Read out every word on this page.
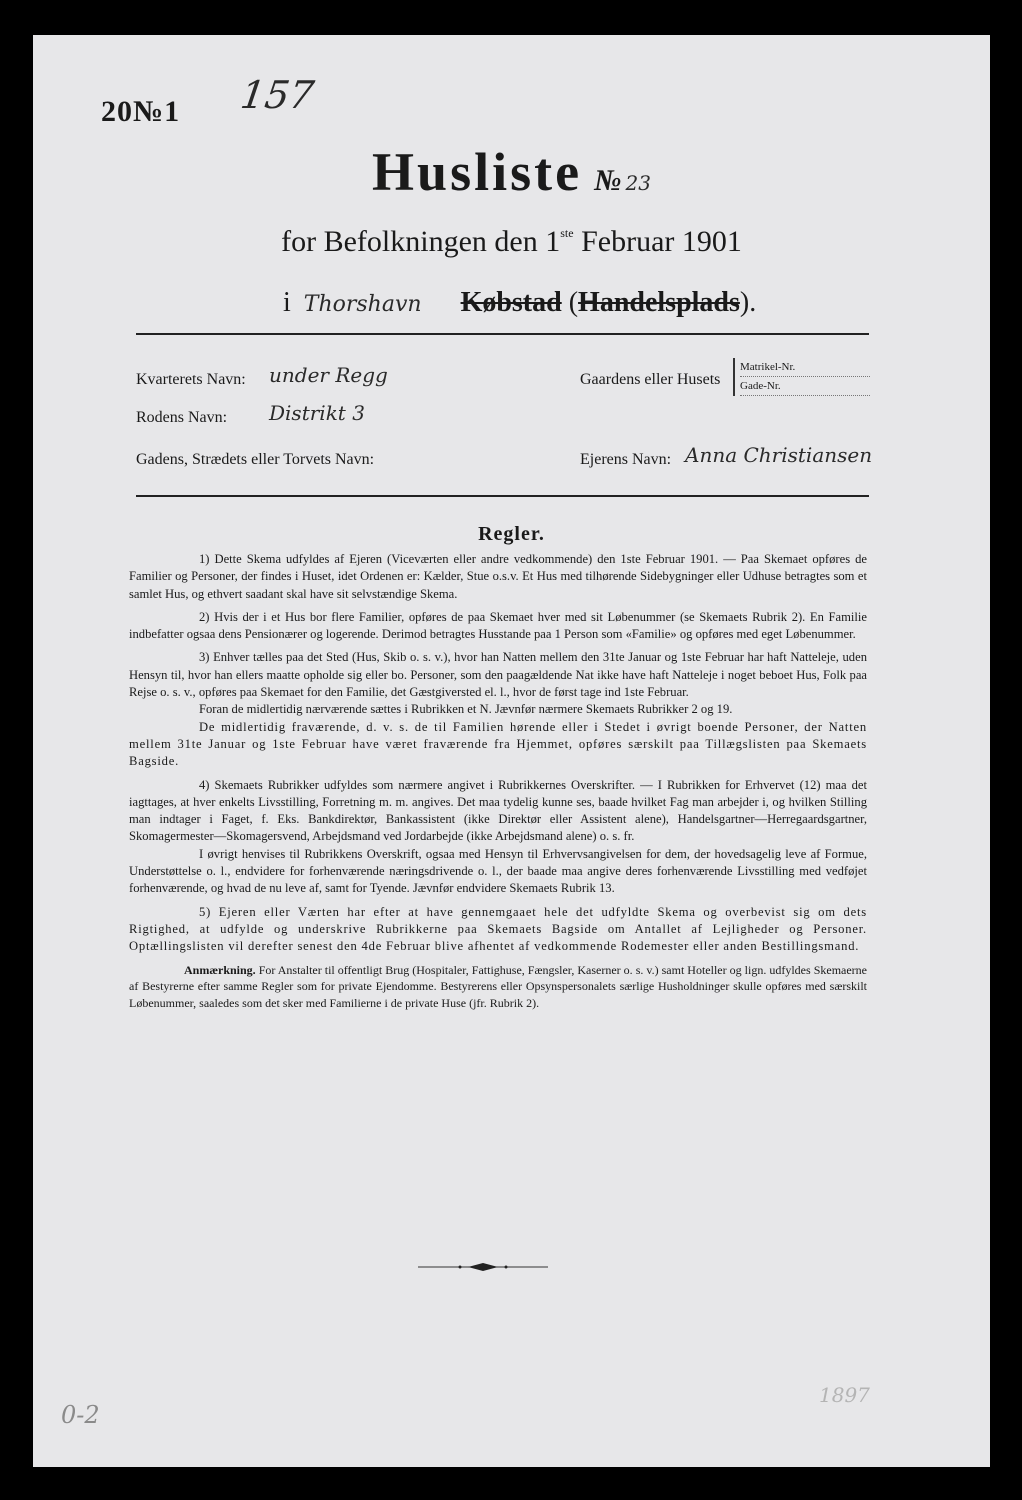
20№1 157
Husliste № 23
for Befolkningen den 1ste Februar 1901
i Thorshavn Købstad (Handelsplads).
Kvarterets Navn: under Regg
Rodens Navn: Distrikt 3
Gadens, Strædets eller Torvets Navn:
Gaardens eller Husets
Matrikel-Nr.
Gade-Nr.
Ejerens Navn: Anna Christiansen
Regler.

1) Dette Skema udfyldes af Ejeren (Viceværten eller andre vedkommende) den 1ste Februar 1901. — Paa Skemaet opføres de Familier og Personer, der findes i Huset, idet Ordenen er: Kælder, Stue o.s.v. Et Hus med tilhørende Sidebygninger eller Udhuse betragtes som et samlet Hus, og ethvert saadant skal have sit selvstændige Skema.

2) Hvis der i et Hus bor flere Familier, opføres de paa Skemaet hver med sit Løbenummer (se Skemaets Rubrik 2). En Familie indbefatter ogsaa dens Pensionærer og logerende. Derimod betragtes Husstande paa 1 Person som «Familie» og opføres med eget Løbenummer.

3) Enhver tælles paa det Sted (Hus, Skib o. s. v.), hvor han Natten mellem den 31te Januar og 1ste Februar har haft Natteleje, uden Hensyn til, hvor han ellers maatte opholde sig eller bo. Personer, som den paagældende Nat ikke have haft Natteleje i noget beboet Hus, Folk paa Rejse o. s. v., opføres paa Skemaet for den Familie, det Gæstgiversted el. l., hvor de først tage ind 1ste Februar.

Foran de midlertidig nærværende sættes i Rubrikken et N. Jævnfør nærmere Skemaets Rubrikker 2 og 19.

De midlertidig fraværende, d. v. s. de til Familien hørende eller i Stedet i øvrigt boende Personer, der Natten mellem 31te Januar og 1ste Februar have været fraværende fra Hjemmet, opføres særskilt paa Tillægslisten paa Skemaets Bagside.

4) Skemaets Rubrikker udfyldes som nærmere angivet i Rubrikkernes Overskrifter. — I Rubrikken for Erhvervet (12) maa det iagttages, at hver enkelts Livsstilling, Forretning m. m. angives. Det maa tydelig kunne ses, baade hvilket Fag man arbejder i, og hvilken Stilling man indtager i Faget, f. Eks. Bankdirektør, Bankassistent (ikke Direktør eller Assistent alene), Handelsgartner—Herregaardsgartner, Skomagermester—Skomagersvend, Arbejdsmand ved Jordarbejde (ikke Arbejdsmand alene) o. s. fr.

I øvrigt henvises til Rubrikkens Overskrift, ogsaa med Hensyn til Erhvervsangivelsen for dem, der hovedsagelig leve af Formue, Understøttelse o. l., endvidere for forhenværende næringsdrivende o. l., der baade maa angive deres forhenværende Livsstilling med vedføjet forhenværende, og hvad de nu leve af, samt for Tyende. Jævnfør endvidere Skemaets Rubrik 13.

5) Ejeren eller Værten har efter at have gennemgaaet hele det udfyldte Skema og overbevist sig om dets Rigtighed, at udfylde og underskrive Rubrikkerne paa Skemaets Bagside om Antallet af Lejligheder og Personer. Optællingslisten vil derefter senest den 4de Februar blive afhentet af vedkommende Rodemester eller anden Bestillingsmand.

Anmærkning. For Anstalter til offentligt Brug (Hospitaler, Fattighuse, Fængsler, Kaserner o. s. v.) samt Hoteller og lign. udfyldes Skemaerne af Bestyrerne efter samme Regler som for private Ejendomme. Bestyrerens eller Opsynspersonalets særlige Husholdninger skulle opføres med særskilt Løbenummer, saaledes som det sker med Familierne i de private Huse (jfr. Rubrik 2).

0-2
1897
